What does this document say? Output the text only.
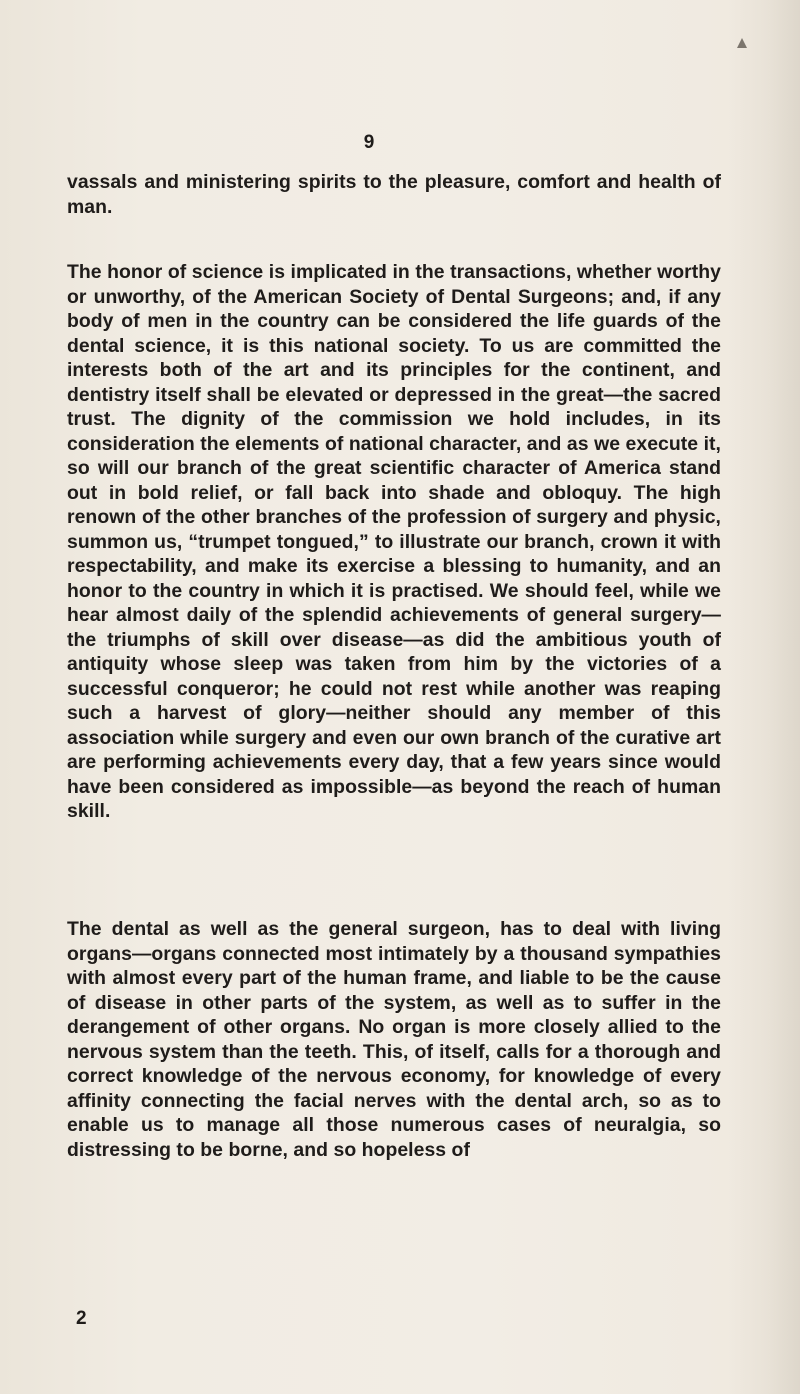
9
vassals and ministering spirits to the pleasure, comfort and health of man.
The honor of science is implicated in the transactions, whether worthy or unworthy, of the American Society of Dental Surgeons; and, if any body of men in the country can be considered the life guards of the dental science, it is this national society. To us are committed the interests both of the art and its principles for the continent, and dentistry itself shall be elevated or depressed in the great—the sacred trust. The dignity of the commission we hold includes, in its consideration the elements of national character, and as we execute it, so will our branch of the great scientific character of America stand out in bold relief, or fall back into shade and obloquy. The high renown of the other branches of the profession of surgery and physic, summon us, “trumpet tongued,” to illustrate our branch, crown it with respectability, and make its exercise a blessing to humanity, and an honor to the country in which it is practised. We should feel, while we hear almost daily of the splendid achievements of general surgery—the triumphs of skill over disease—as did the ambitious youth of antiquity whose sleep was taken from him by the victories of a successful conqueror; he could not rest while another was reaping such a harvest of glory—neither should any member of this association while surgery and even our own branch of the curative art are performing achievements every day, that a few years since would have been considered as impossible—as beyond the reach of human skill.
The dental as well as the general surgeon, has to deal with living organs—organs connected most intimately by a thousand sympathies with almost every part of the human frame, and liable to be the cause of disease in other parts of the system, as well as to suffer in the derangement of other organs. No organ is more closely allied to the nervous system than the teeth. This, of itself, calls for a thorough and correct knowledge of the nervous economy, for knowledge of every affinity connecting the facial nerves with the dental arch, so as to enable us to manage all those numerous cases of neuralgia, so distressing to be borne, and so hopeless of
2
